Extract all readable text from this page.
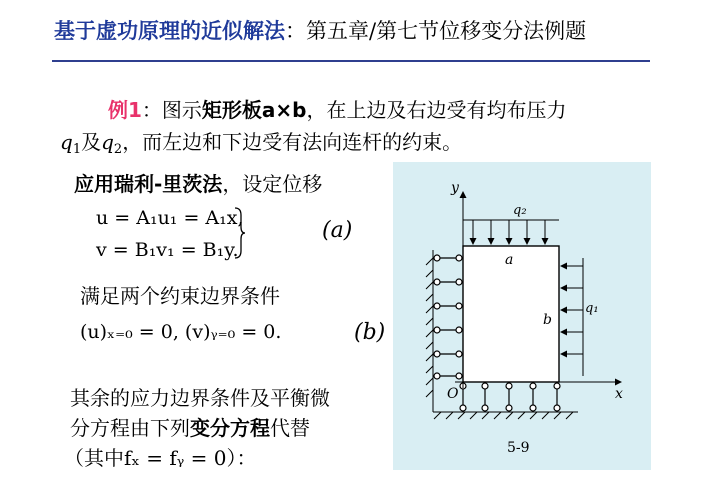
基于虚功原理的近似解法：第五章/第七节位移变分法例题
例1：图示矩形板a×b，在上边及右边受有均布压力
$q_1$及$q_2$，而左边和下边受有法向连杆的约束。
应用瑞利-里茨法，设定位移
u = A₁u₁ = A₁x,
v = B₁v₁ = B₁y.
(a)
满足两个约束边界条件
(u)ₓ₌₀ = 0, (v)ᵧ₌₀ = 0.	(b)
其余的应力边界条件及平衡微
分方程由下列变分方程代替
（其中fₓ = fᵧ = 0）：
y
x
O
a
b
q₂
q₁
5-9
